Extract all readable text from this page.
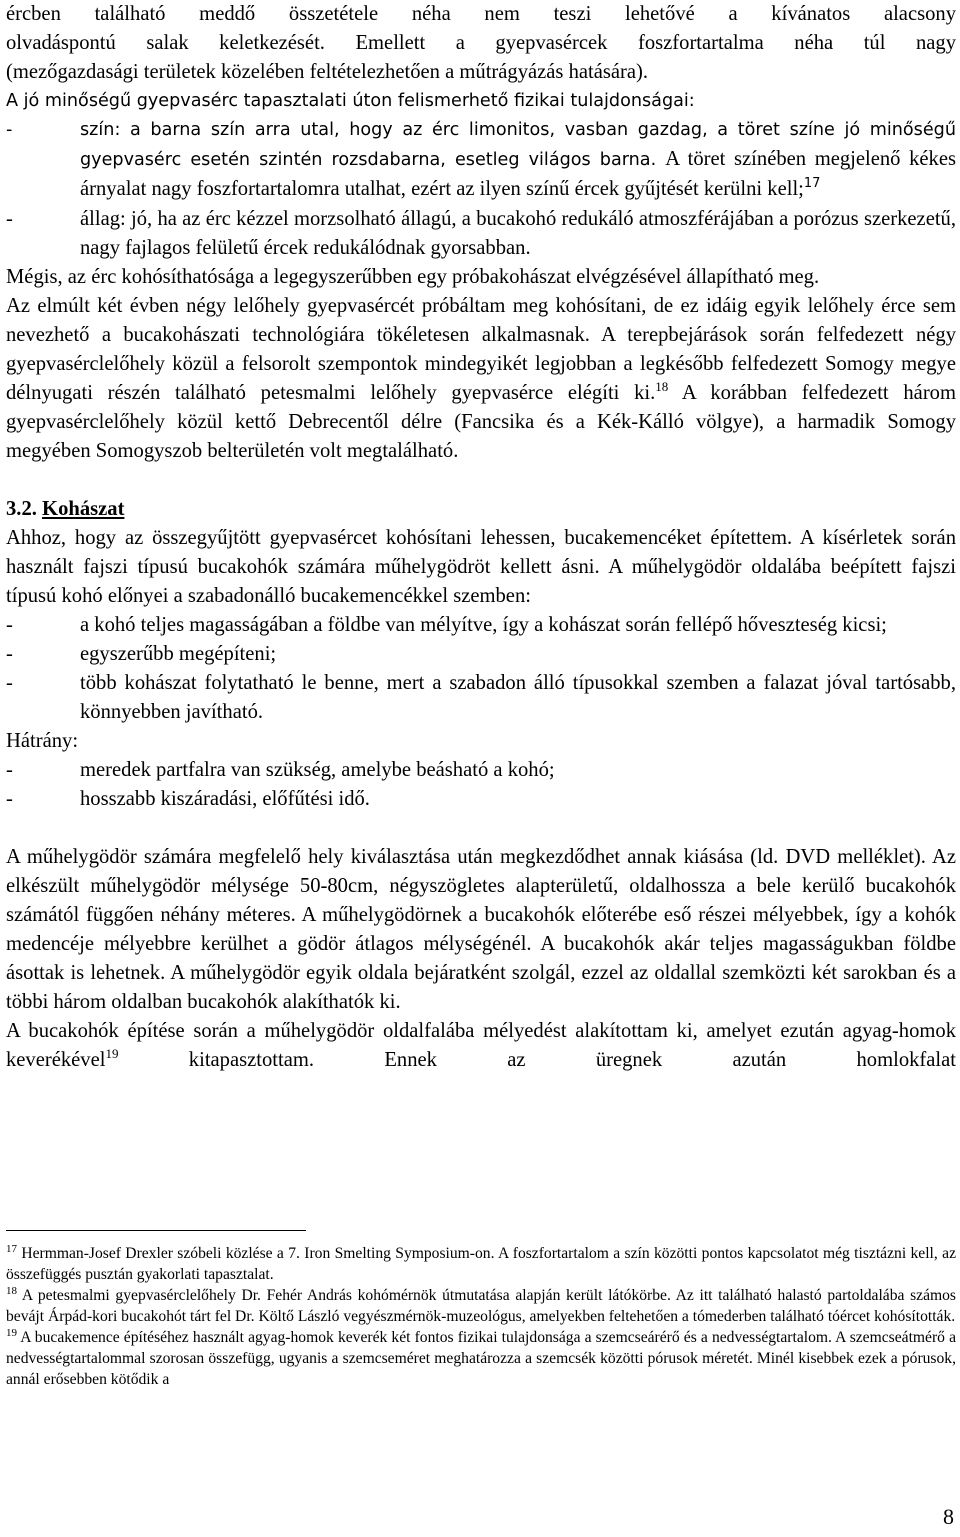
ércben található meddő összetétele néha nem teszi lehetővé a kívánatos alacsony

olvadáspontú salak keletkezését. Emellett a gyepvasércek foszfortartalma néha túl nagy

(mezőgazdasági területek közelében feltételezhetően a műtrágyázás hatására).

A jó minőségű gyepvasérc tapasztalati úton felismerhető fizikai tulajdonságai:

-	szín: a barna szín arra utal, hogy az érc limonitos, vasban gazdag, a töret színe jó minőségű gyepvasérc esetén szintén rozsdabarna, esetleg világos barna. A töret színében megjelenő kékes árnyalat nagy foszfortartalomra utalhat, ezért az ilyen színű ércek gyűjtését kerülni kell;$^{17}$
-	állag: jó, ha az érc kézzel morzsolható állagú, a bucakohó redukáló atmoszférájában a porózus szerkezetű, nagy fajlagos felületű ércek redukálódnak gyorsabban.

Mégis, az érc kohósíthatósága a legegyszerűbben egy próbakohászat elvégzésével állapítható meg.

Az elmúlt két évben négy lelőhely gyepvasércét próbáltam meg kohósítani, de ez idáig egyik lelőhely érce sem nevezhető a bucakohászati technológiára tökéletesen alkalmasnak. A terepbejárások során felfedezett négy gyepvasérclelőhely közül a felsorolt szempontok mindegyikét legjobban a legkésőbb felfedezett Somogy megye délnyugati részén található petesmalmi lelőhely gyepvasérce elégíti ki.$^{18}$ A korábban felfedezett három gyepvasérclelőhely közül kettő Debrecentől délre (Fancsika és a Kék-Kálló völgye), a harmadik Somogy megyében Somogyszob belterületén volt megtalálható.

3.2. Kohászat

Ahhoz, hogy az összegyűjtött gyepvasércet kohósítani lehessen, bucakemencéket építettem. A kísérletek során használt fajszi típusú bucakohók számára műhelygödröt kellett ásni. A műhelygödör oldalába beépített fajszi típusú kohó előnyei a szabadonálló bucakemencékkel szemben:

-	a kohó teljes magasságában a földbe van mélyítve, így a kohászat során fellépő hőveszteség kicsi;
-	egyszerűbb megépíteni;
-	több kohászat folytatható le benne, mert a szabadon álló típusokkal szemben a falazat jóval tartósabb, könnyebben javítható.

Hátrány:

-	meredek partfalra van szükség, amelybe beásható a kohó;
-	hosszabb kiszáradási, előfűtési idő.

A műhelygödör számára megfelelő hely kiválasztása után megkezdődhet annak kiásása (ld. DVD melléklet). Az elkészült műhelygödör mélysége 50-80cm, négyszögletes alapterületű, oldalhossza a bele kerülő bucakohók számától függően néhány méteres. A műhelygödörnek a bucakohók előterébe eső részei mélyebbek, így a kohók medencéje mélyebbre kerülhet a gödör átlagos mélységénél. A bucakohók akár teljes magasságukban földbe ásottak is lehetnek. A műhelygödör egyik oldala bejáratként szolgál, ezzel az oldallal szemközti két sarokban és a többi három oldalban bucakohók alakíthatók ki.

A bucakohók építése során a műhelygödör oldalfalába mélyedést alakítottam ki, amelyet ezután agyag-homok keverékével$^{19}$	kitapasztottam. Ennek az üregnek azután homlokfalat

$^{17}$ Hermman-Josef Drexler szóbeli közlése a 7. Iron Smelting Symposium-on. A foszfortartalom a szín közötti pontos kapcsolatot még tisztázni kell, az összefüggés pusztán gyakorlati tapasztalat.

$^{18}$ A petesmalmi gyepvasérclelőhely Dr. Fehér András kohómérnök útmutatása alapján került látókörbe. Az itt található halastó partoldalába számos bevájt Árpád-kori bucakohót tárt fel Dr. Költő László vegyészmérnök-muzeológus, amelyekben feltehetően a tómederben található tóércet kohósították.

$^{19}$ A bucakemence építéséhez használt agyag-homok keverék két fontos fizikai tulajdonsága a szemcseárérő és a nedvességtartalom. A szemcseátmérő a nedvességtartalommal szorosan összefügg, ugyanis a szemcseméret meghatározza a szemcsék közötti pórusok méretét. Minél kisebbek ezek a pórusok, annál erősebben kötődik a

8
